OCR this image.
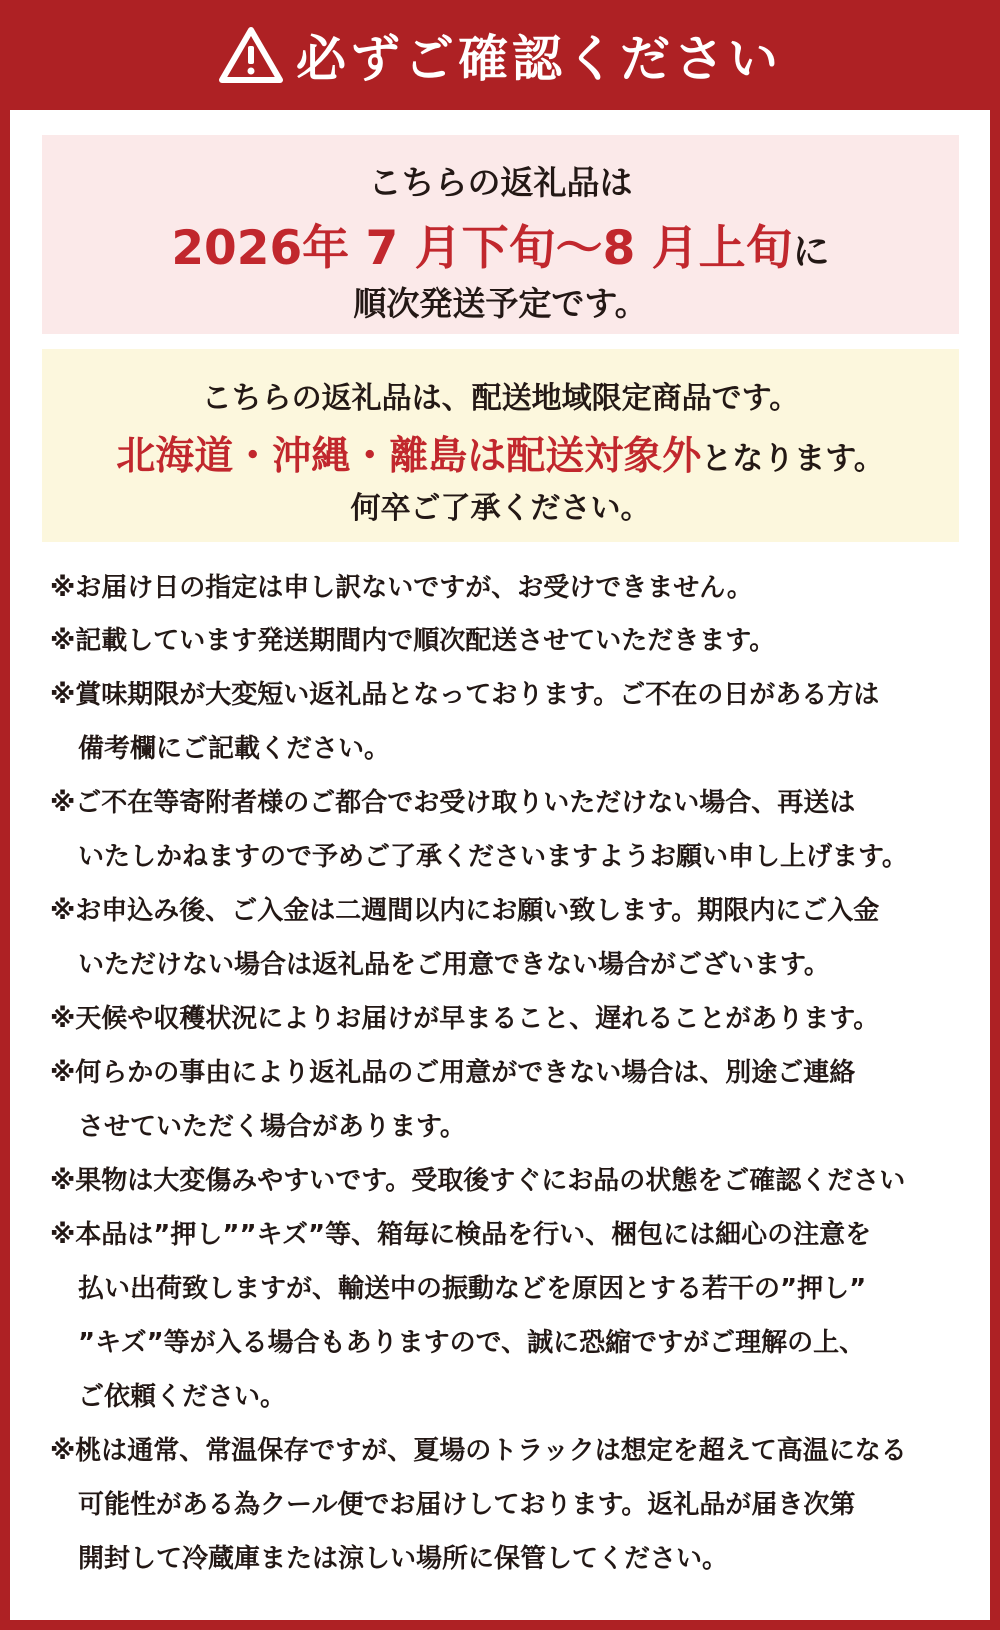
必ずご確認ください
こちらの返礼品は
2026年 7 月下旬～8 月上旬に
順次発送予定です。
こちらの返礼品は、配送地域限定商品です。
北海道・沖縄・離島は配送対象外となります。
何卒ご了承ください。
※お届け日の指定は申し訳ないですが、お受けできません。
※記載しています発送期間内で順次配送させていただきます。
※賞味期限が大変短い返礼品となっております。ご不在の日がある方は
備考欄にご記載ください。
※ご不在等寄附者様のご都合でお受け取りいただけない場合、再送は
いたしかねますので予めご了承くださいますようお願い申し上げます。
※お申込み後、ご入金は二週間以内にお願い致します。期限内にご入金
いただけない場合は返礼品をご用意できない場合がございます。
※天候や収穫状況によりお届けが早まること、遅れることがあります。
※何らかの事由により返礼品のご用意ができない場合は、別途ご連絡
させていただく場合があります。
※果物は大変傷みやすいです。受取後すぐにお品の状態をご確認ください
※本品は”押し””キズ”等、箱毎に検品を行い、梱包には細心の注意を
払い出荷致しますが、輸送中の振動などを原因とする若干の”押し”
”キズ”等が入る場合もありますので、誠に恐縮ですがご理解の上、
ご依頼ください。
※桃は通常、常温保存ですが、夏場のトラックは想定を超えて高温になる
可能性がある為クール便でお届けしております。返礼品が届き次第
開封して冷蔵庫または涼しい場所に保管してください。
